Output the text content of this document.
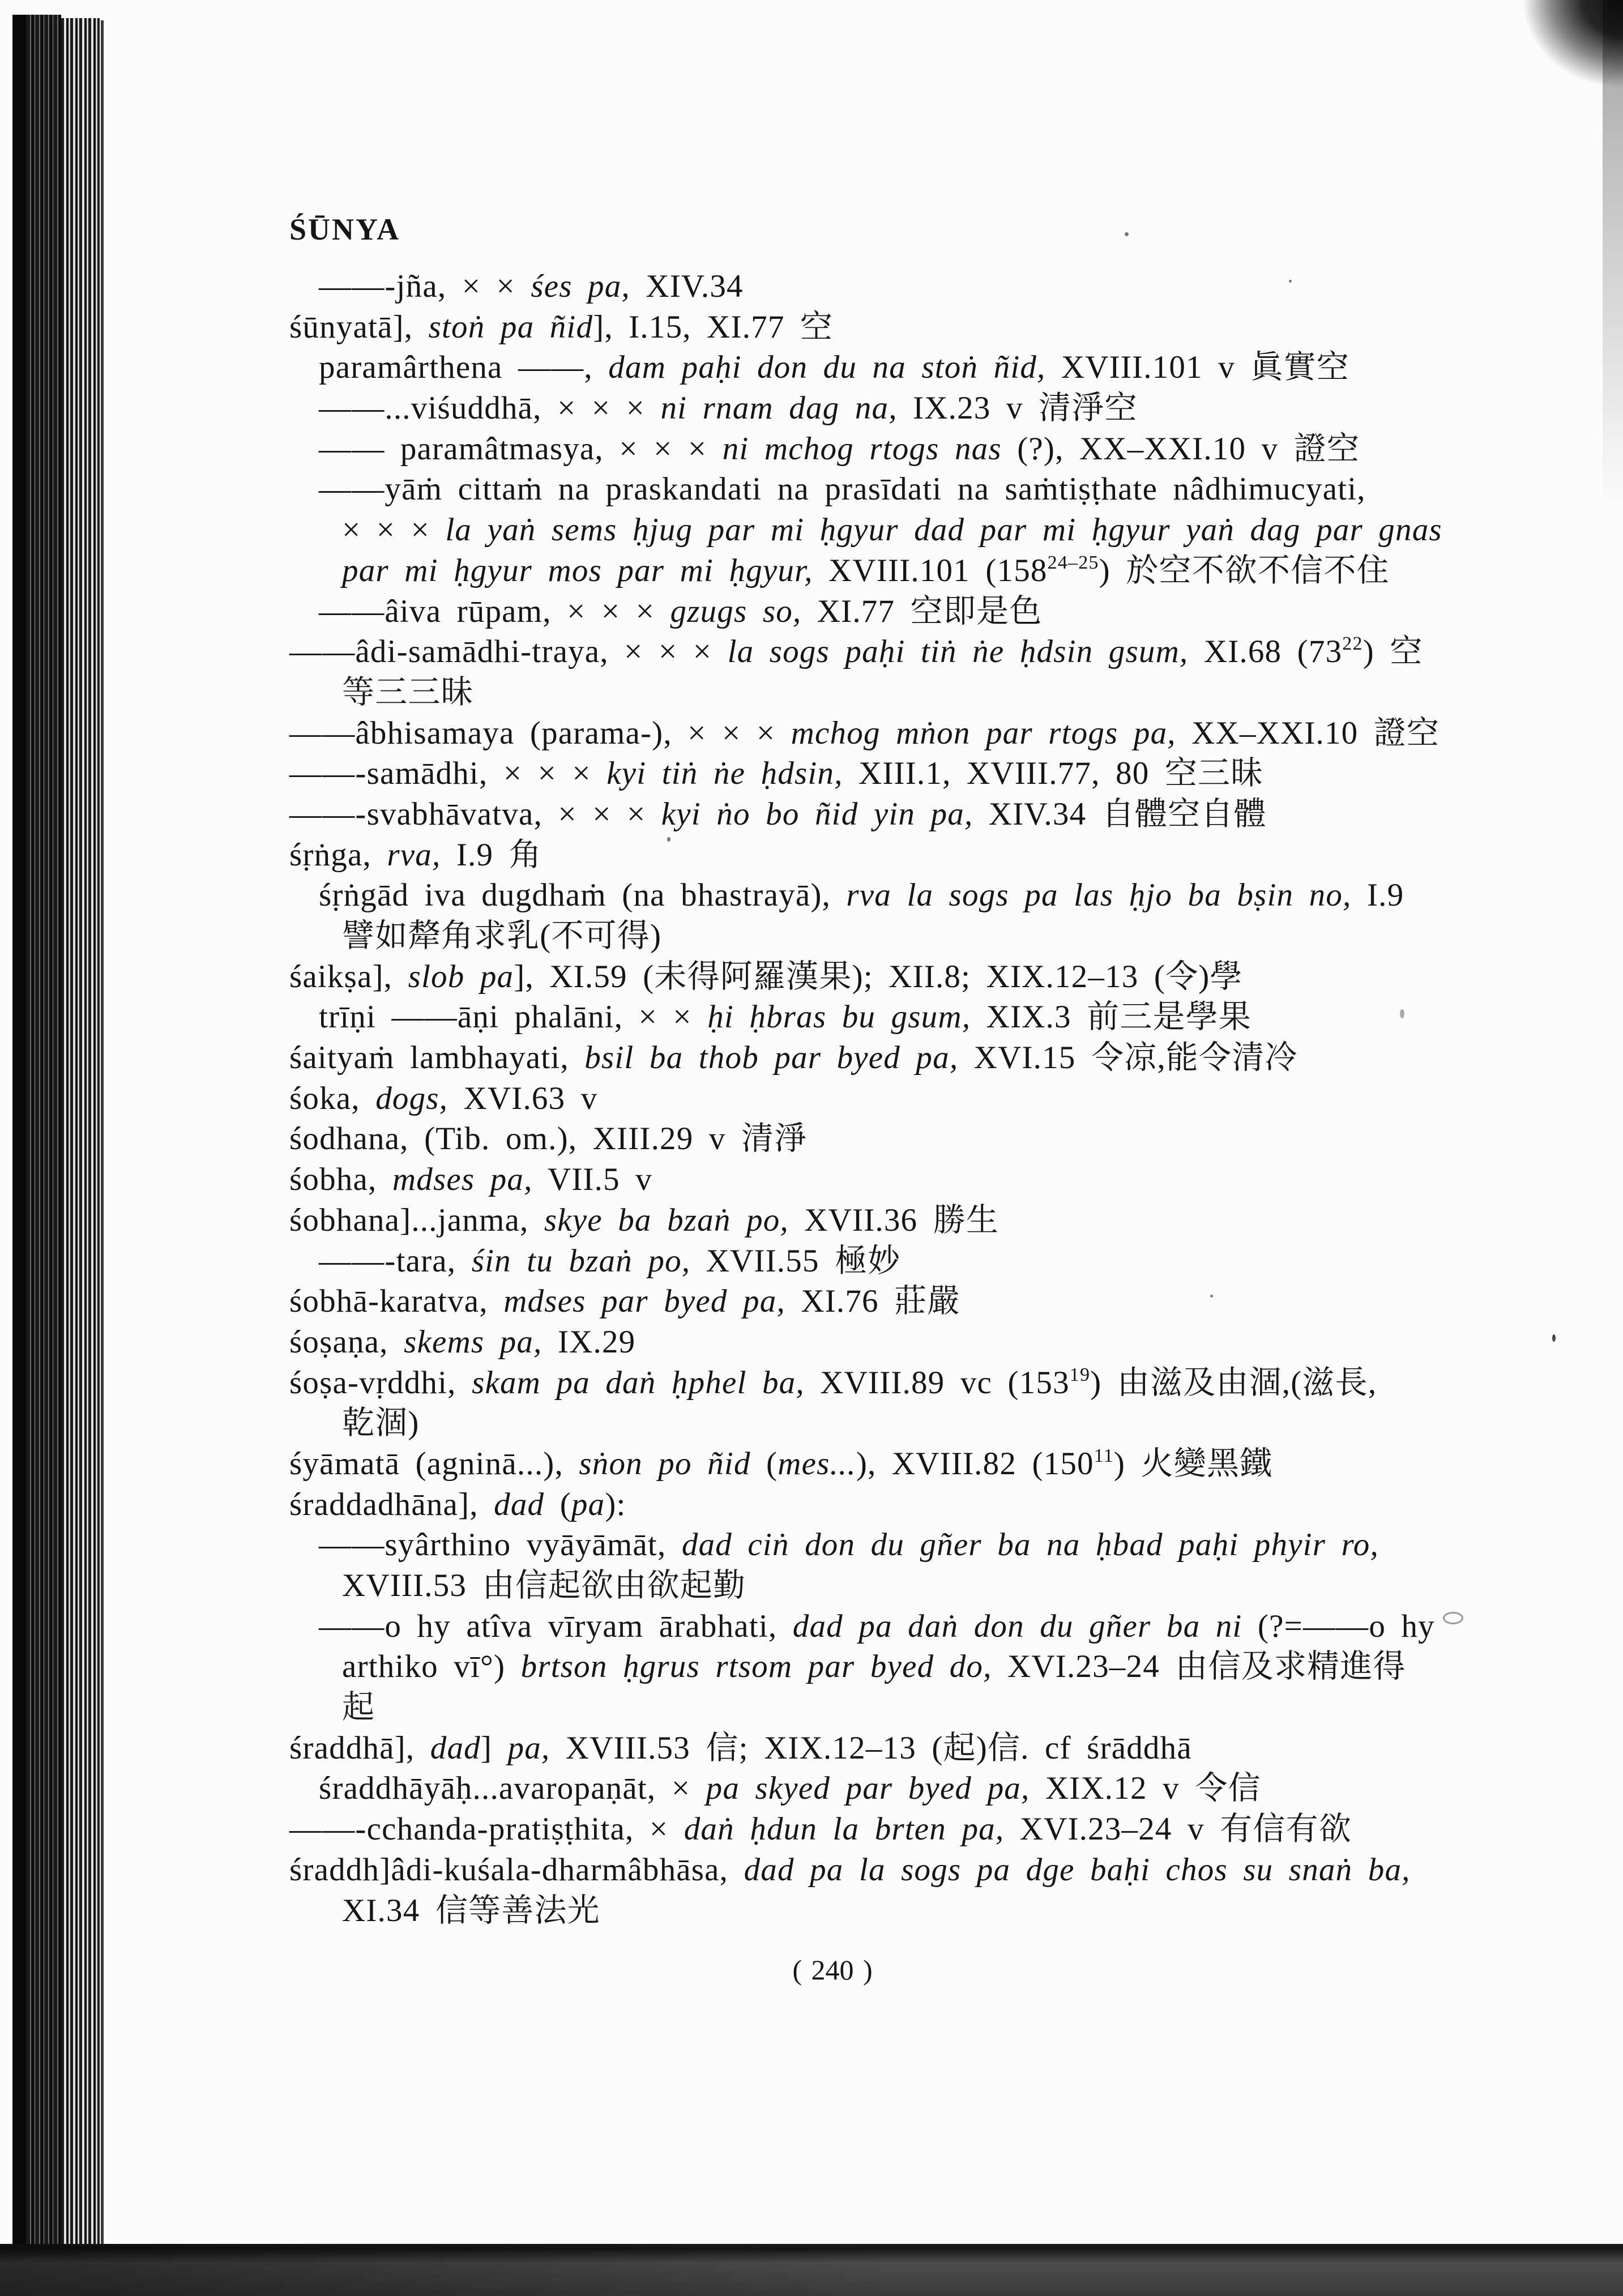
ŚŪNYA
——-jña, × × śes pa, XIV.34
śūnyatā], stoṅ pa ñid], I.15, XI.77 空
paramârthena ——, dam paḥi don du na stoṅ ñid, XVIII.101 v 眞實空
——...viśuddhā, × × × ni rnam dag na, IX.23 v 清淨空
—— paramâtmasya, × × × ni mchog rtogs nas (?), XX–XXI.10 v 證空
——yāṁ cittaṁ na praskandati na prasīdati na saṁtiṣṭhate nâdhimucyati,
× × × la yaṅ sems ḥjug par mi ḥgyur dad par mi ḥgyur yaṅ dag par gnas
par mi ḥgyur mos par mi ḥgyur, XVIII.101 (158$^{24-25}$) 於空不欲不信不住
——âiva rūpam, × × × gzugs so, XI.77 空即是色
——âdi-samādhi-traya, × × × la sogs paḥi tiṅ ṅe ḥdsin gsum, XI.68 $(73^{22})$ 空
等三三昧
——âbhisamaya (parama-), × × × mchog mṅon par rtogs pa, XX–XXI.10 證空
——-samādhi, × × × kyi tiṅ ṅe ḥdsin, XIII.1, XVIII.77, 80 空三昧
——-svabhāvatva, × × × kyi ṅo bo ñid yin pa, XIV.34 自體空自體
śṛṅga, rva, I.9 角
śṛṅgād iva dugdhaṁ (na bhastrayā), rva la sogs pa las ḥjo ba bṣin no, I.9
譬如犛角求乳(不可得)
śaikṣa], slob pa], XI.59 (未得阿羅漢果); XII.8; XIX.12–13 (令)學
trīṇi ——āṇi phalāni, × × ḥi ḥbras bu gsum, XIX.3 前三是學果
śaityaṁ lambhayati, bsil ba thob par byed pa, XVI.15 令凉,能令清冷
śoka, dogs, XVI.63 v
śodhana, (Tib. om.), XIII.29 v 清淨
śobha, mdses pa, VII.5 v
śobhana]...janma, skye ba bzaṅ po, XVII.36 勝生
——-tara, śin tu bzaṅ po, XVII.55 極妙
śobhā-karatva, mdses par byed pa, XI.76 莊嚴
śoṣaṇa, skems pa, IX.29
śoṣa-vṛddhi, skam pa daṅ ḥphel ba, XVIII.89 vc $(153^{19})$ 由滋及由涸,(滋長,
乾涸)
śyāmatā (agninā...), sṅon po ñid (mes...), XVIII.82 $(150^{11})$ 火變黑鐵
śraddadhāna], dad (pa):
——syârthino vyāyāmāt, dad ciṅ don du gñer ba na ḥbad paḥi phyir ro,
XVIII.53 由信起欲由欲起勤
——o hy atîva vīryam ārabhati, dad pa daṅ don du gñer ba ni (?=——o hy
arthiko vī°) brtson ḥgrus rtsom par byed do, XVI.23–24 由信及求精進得
起
śraddhā], dad] pa, XVIII.53 信; XIX.12–13 (起)信. cf śrāddhā
śraddhāyāḥ...avaropaṇāt, × pa skyed par byed pa, XIX.12 v 令信
——-cchanda-pratiṣṭhita, × daṅ ḥdun la brten pa, XVI.23–24 v 有信有欲
śraddh]âdi-kuśala-dharmâbhāsa, dad pa la sogs pa dge baḥi chos su snaṅ ba,
XI.34 信等善法光
( 240 )
